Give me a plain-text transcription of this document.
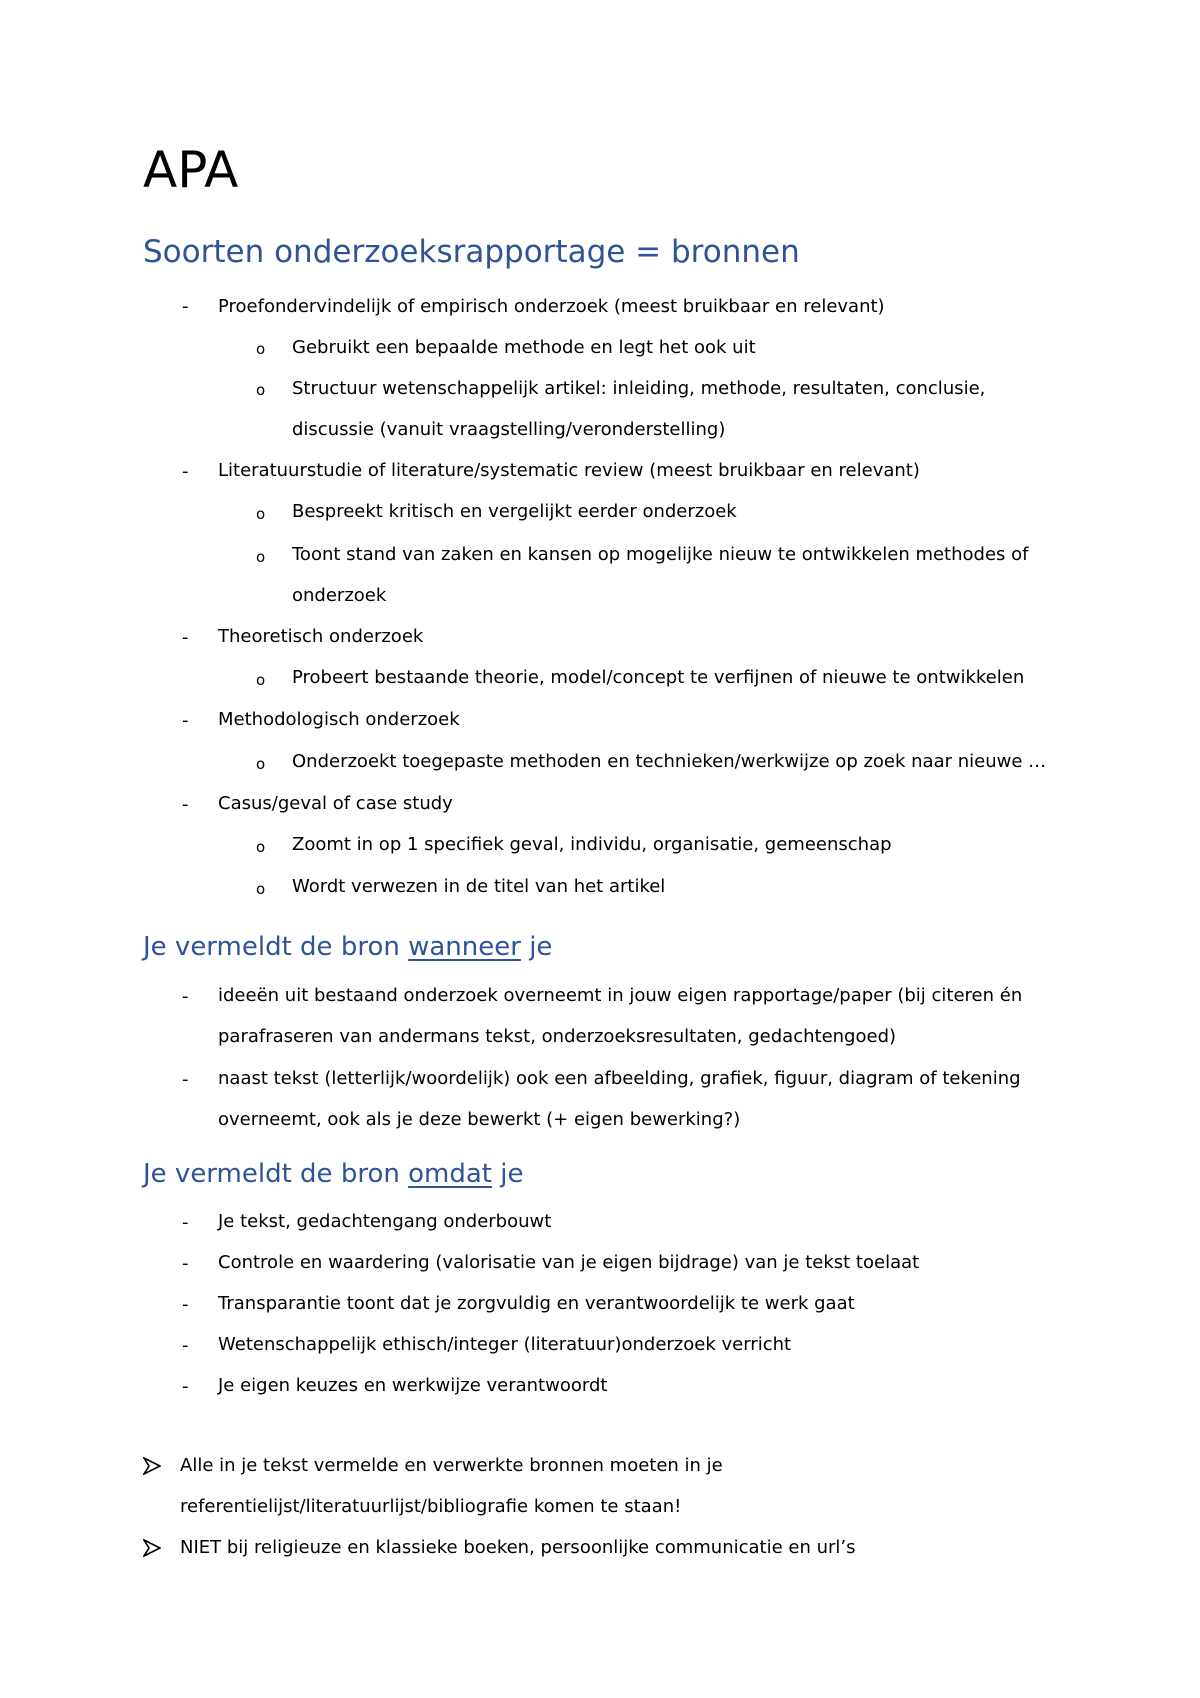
APA
Soorten onderzoeksrapportage = bronnen
- Proefondervindelijk of empirisch onderzoek (meest bruikbaar en relevant)
o Gebruikt een bepaalde methode en legt het ook uit
o Structuur wetenschappelijk artikel: inleiding, methode, resultaten, conclusie,
discussie (vanuit vraagstelling/veronderstelling)
- Literatuurstudie of literature/systematic review (meest bruikbaar en relevant)
o Bespreekt kritisch en vergelijkt eerder onderzoek
o Toont stand van zaken en kansen op mogelijke nieuw te ontwikkelen methodes of
onderzoek
- Theoretisch onderzoek
o Probeert bestaande theorie, model/concept te verfijnen of nieuwe te ontwikkelen
- Methodologisch onderzoek
o Onderzoekt toegepaste methoden en technieken/werkwijze op zoek naar nieuwe …
- Casus/geval of case study
o Zoomt in op 1 specifiek geval, individu, organisatie, gemeenschap
o Wordt verwezen in de titel van het artikel
Je vermeldt de bron wanneer je
- ideeën uit bestaand onderzoek overneemt in jouw eigen rapportage/paper (bij citeren én
parafraseren van andermans tekst, onderzoeksresultaten, gedachtengoed)
- naast tekst (letterlijk/woordelijk) ook een afbeelding, grafiek, figuur, diagram of tekening
overneemt, ook als je deze bewerkt (+ eigen bewerking?)
Je vermeldt de bron omdat je
- Je tekst, gedachtengang onderbouwt
- Controle en waardering (valorisatie van je eigen bijdrage) van je tekst toelaat
- Transparantie toont dat je zorgvuldig en verantwoordelijk te werk gaat
- Wetenschappelijk ethisch/integer (literatuur)onderzoek verricht
- Je eigen keuzes en werkwijze verantwoordt
Alle in je tekst vermelde en verwerkte bronnen moeten in je
referentielijst/literatuurlijst/bibliografie komen te staan!
NIET bij religieuze en klassieke boeken, persoonlijke communicatie en url’s
